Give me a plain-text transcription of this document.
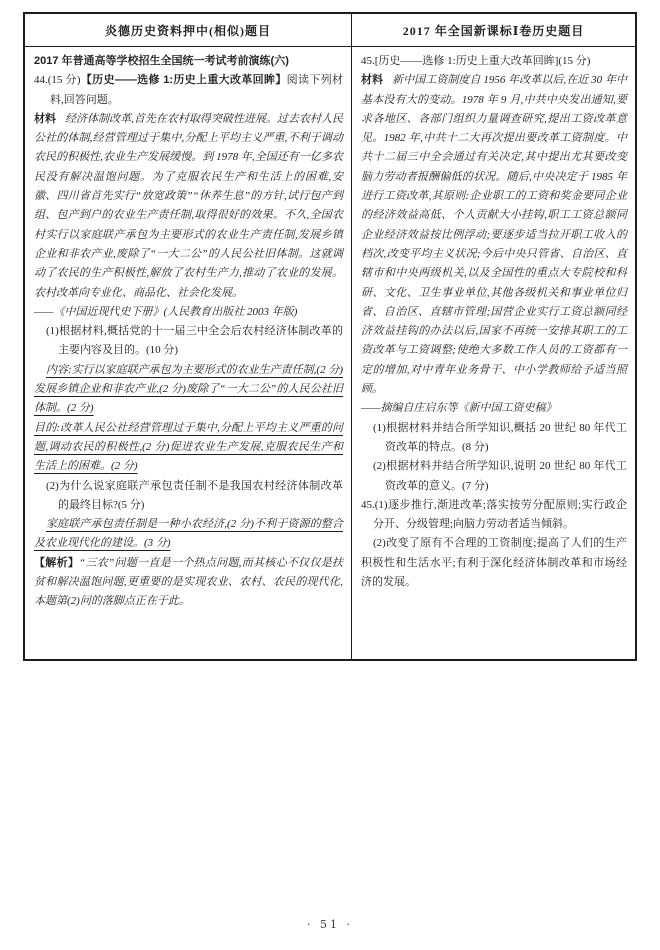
炎德历史资料押中(相似)题目	2017 年全国新课标Ⅰ卷历史题目

2017 年普通高等学校招生全国统一考试考前演练(六)

44.(15 分)【历史——选修 1:历史上重大改革回眸】阅读下列材料,回答问题。

材料 经济体制改革,首先在农村取得突破性进展。过去农村人民公社的体制,经营管理过于集中,分配上平均主义严重,不利于调动农民的积极性,农业生产发展缓慢。到 1978 年,全国还有一亿多农民没有解决温饱问题。为了克服农民生产和生活上的困难,安徽、四川省首先实行“放宽政策”“休养生息”的方针,试行包产到组、包产到户的农业生产责任制,取得很好的效果。不久,全国农村实行以家庭联产承包为主要形式的农业生产责任制,发展乡镇企业和非农产业,废除了“一大二公”的人民公社旧体制。这就调动了农民的生产积极性,解放了农村生产力,推动了农业的发展。农村改革向专业化、商品化、社会化发展。

——《中国近现代史下册》(人民教育出版社 2003 年版)

(1)根据材料,概括党的十一届三中全会后农村经济体制改革的主要内容及目的。(10 分)

内容:实行以家庭联产承包为主要形式的农业生产责任制,(2 分)发展乡镇企业和非农产业,(2 分)废除了“一大二公”的人民公社旧体制。(2 分)

目的:改革人民公社经营管理过于集中,分配上平均主义严重的问题,调动农民的积极性,(2 分)促进农业生产发展,克服农民生产和生活上的困难。(2 分)

(2)为什么说家庭联产承包责任制不是我国农村经济体制改革的最终目标?(5 分)

家庭联产承包责任制是一种小农经济,(2 分)不利于资源的整合及农业现代化的建设。(3 分)

【解析】“三农”问题一直是一个热点问题,而其核心不仅仅是扶贫和解决温饱问题,更重要的是实现农业、农村、农民的现代化,本题第(2)问的落脚点正在于此。

45.[历史——选修 1:历史上重大改革回眸](15 分)

材料 新中国工资制度自 1956 年改革以后,在近 30 年中基本没有大的变动。1978 年 9 月,中共中央发出通知,要求各地区、各部门组织力量调查研究,提出工资改革意见。1982 年,中共十二大再次提出要改革工资制度。中共十二届三中全会通过有关决定,其中提出尤其要改变脑力劳动者报酬偏低的状况。随后,中央决定于 1985 年进行工资改革,其原则:企业职工的工资和奖金要同企业的经济效益高低、个人贡献大小挂钩,职工工资总额同企业经济效益按比例浮动;要逐步适当拉开职工收入的档次,改变平均主义状况;今后中央只管省、自治区、直辖市和中央两级机关,以及全国性的重点大专院校和科研、文化、卫生事业单位,其他各级机关和事业单位归省、自治区、直辖市管理;国营企业实行工资总额同经济效益挂钩的办法以后,国家不再统一安排其职工的工资改革与工资调整;使绝大多数工作人员的工资都有一定的增加,对中青年业务骨干、中小学教师给予适当照顾。

——摘编自庄启东等《新中国工资史稿》

(1)根据材料并结合所学知识,概括 20 世纪 80 年代工资改革的特点。(8 分)

(2)根据材料并结合所学知识,说明 20 世纪 80 年代工资改革的意义。(7 分)

45.(1)逐步推行,渐进改革;落实按劳分配原则;实行政企分开、分级管理;向脑力劳动者适当倾斜。

(2)改变了原有不合理的工资制度;提高了人们的生产积极性和生活水平;有利于深化经济体制改革和市场经济的发展。

· 51 ·
